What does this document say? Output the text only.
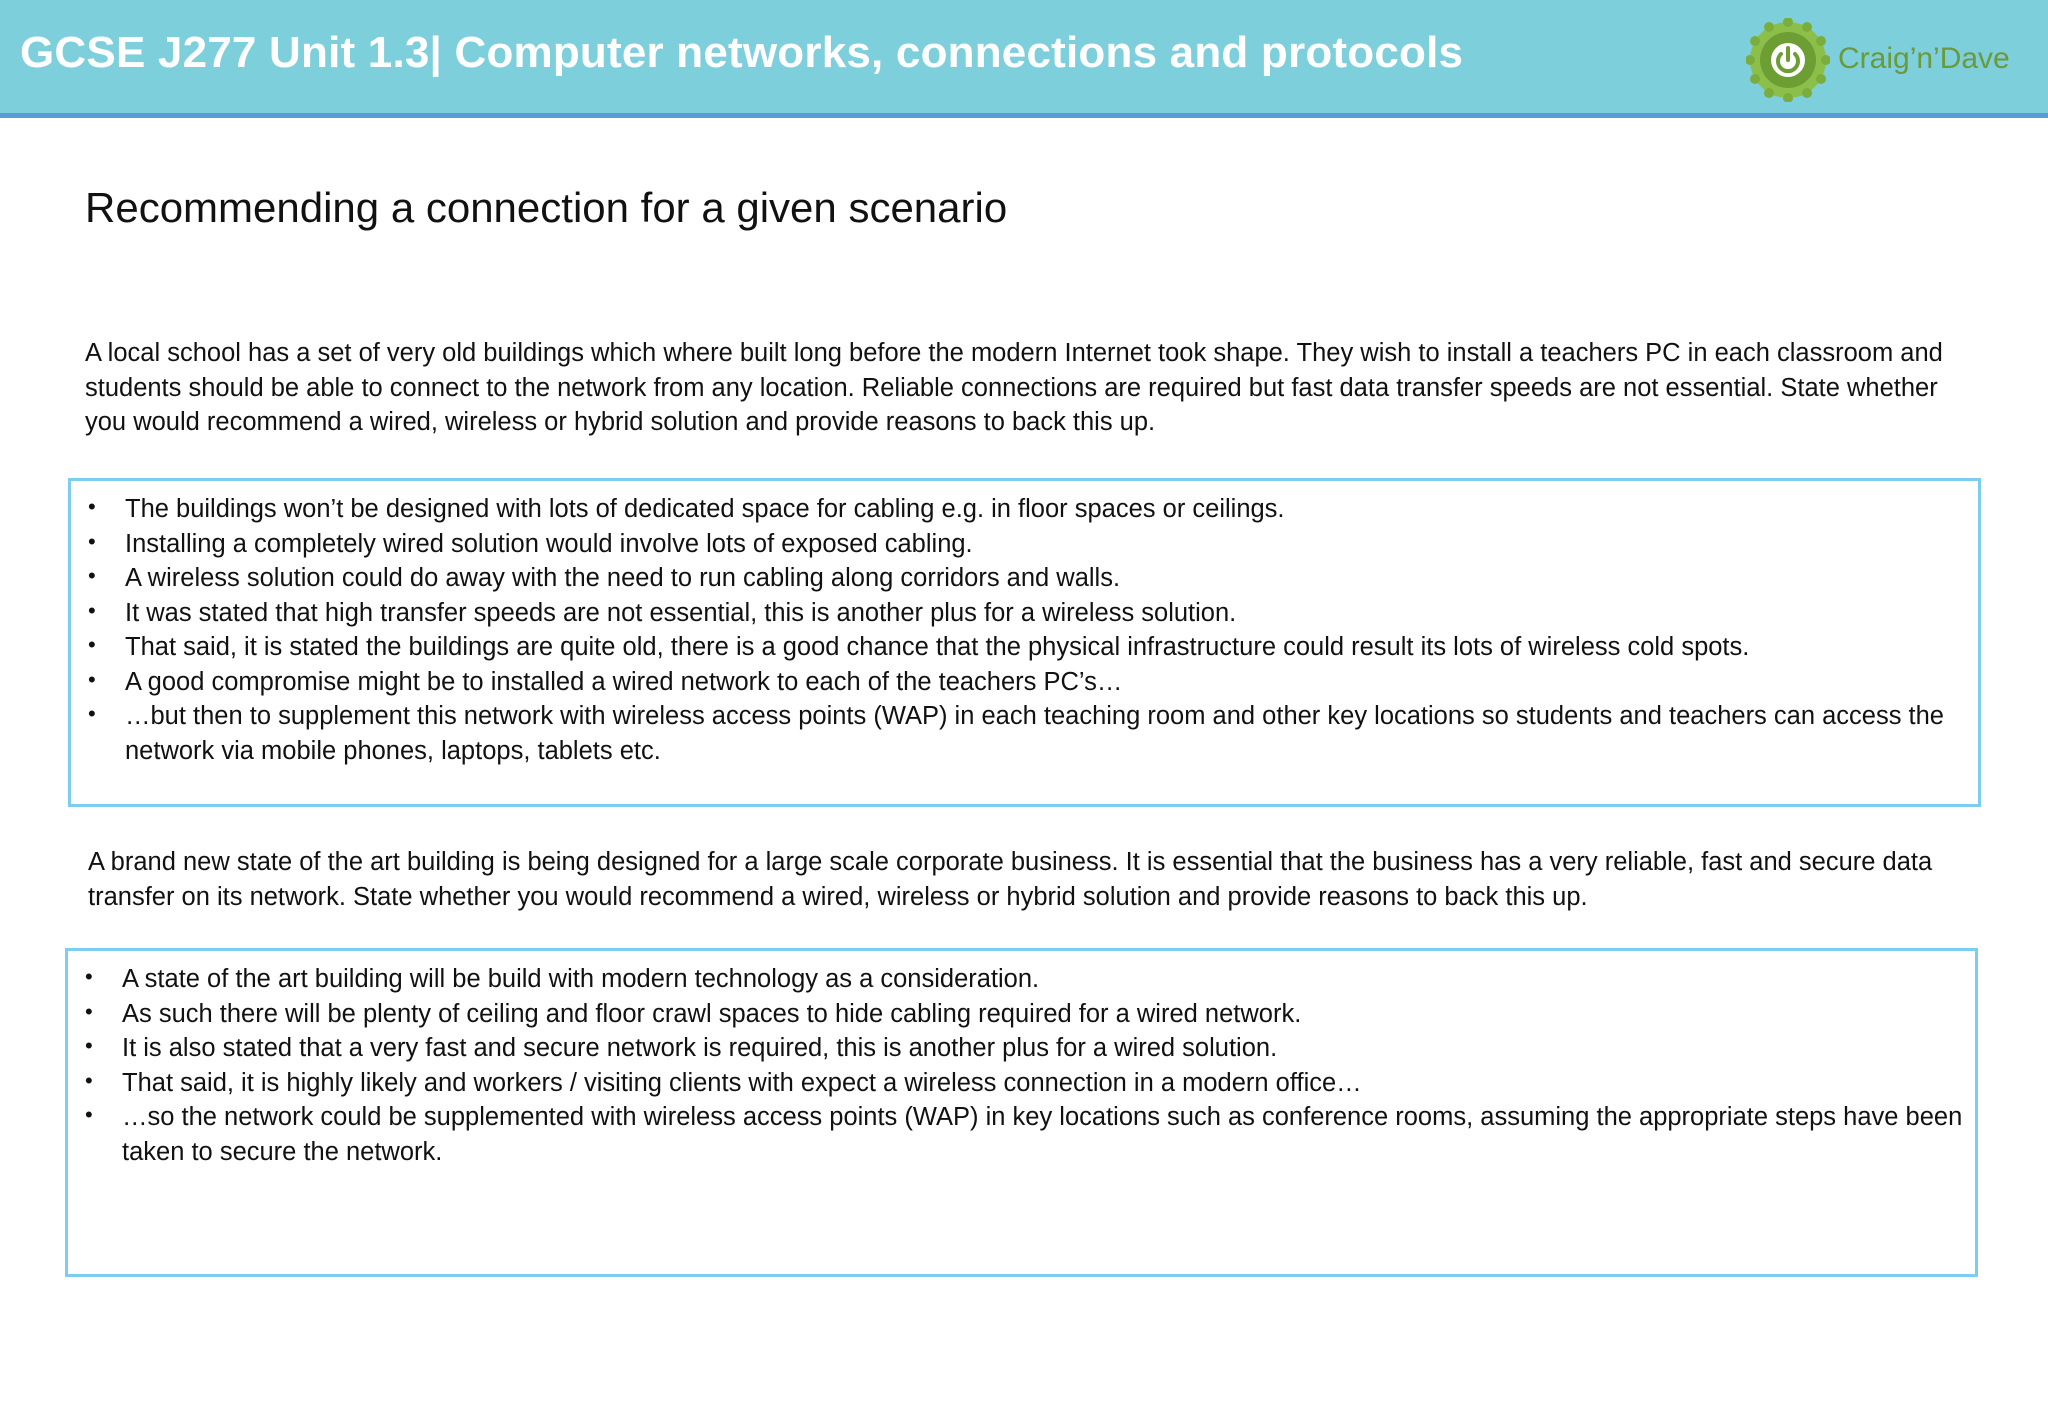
GCSE J277 Unit 1.3| Computer networks, connections and protocols	Craig’n’Dave
Recommending a connection for a given scenario
A local school has a set of very old buildings which where built long before the modern Internet took shape. They wish to install a teachers PC in each classroom and students should be able to connect to the network from any location. Reliable connections are required but fast data transfer speeds are not essential. State whether you would recommend a wired, wireless or hybrid solution and provide reasons to back this up.
• The buildings won’t be designed with lots of dedicated space for cabling e.g. in floor spaces or ceilings.
• Installing a completely wired solution would involve lots of exposed cabling.
• A wireless solution could do away with the need to run cabling along corridors and walls.
• It was stated that high transfer speeds are not essential, this is another plus for a wireless solution.
• That said, it is stated the buildings are quite old, there is a good chance that the physical infrastructure could result its lots of wireless cold spots.
• A good compromise might be to installed a wired network to each of the teachers PC’s…
• …but then to supplement this network with wireless access points (WAP) in each teaching room and other key locations so students and teachers can access the network via mobile phones, laptops, tablets etc.
A brand new state of the art building is being designed for a large scale corporate business. It is essential that the business has a very reliable, fast and secure data transfer on its network. State whether you would recommend a wired, wireless or hybrid solution and provide reasons to back this up.
• A state of the art building will be build with modern technology as a consideration.
• As such there will be plenty of ceiling and floor crawl spaces to hide cabling required for a wired network.
• It is also stated that a very fast and secure network is required, this is another plus for a wired solution.
• That said, it is highly likely and workers / visiting clients with expect a wireless connection in a modern office…
• …so the network could be supplemented with wireless access points (WAP) in key locations such as conference rooms, assuming the appropriate steps have been taken to secure the network.
